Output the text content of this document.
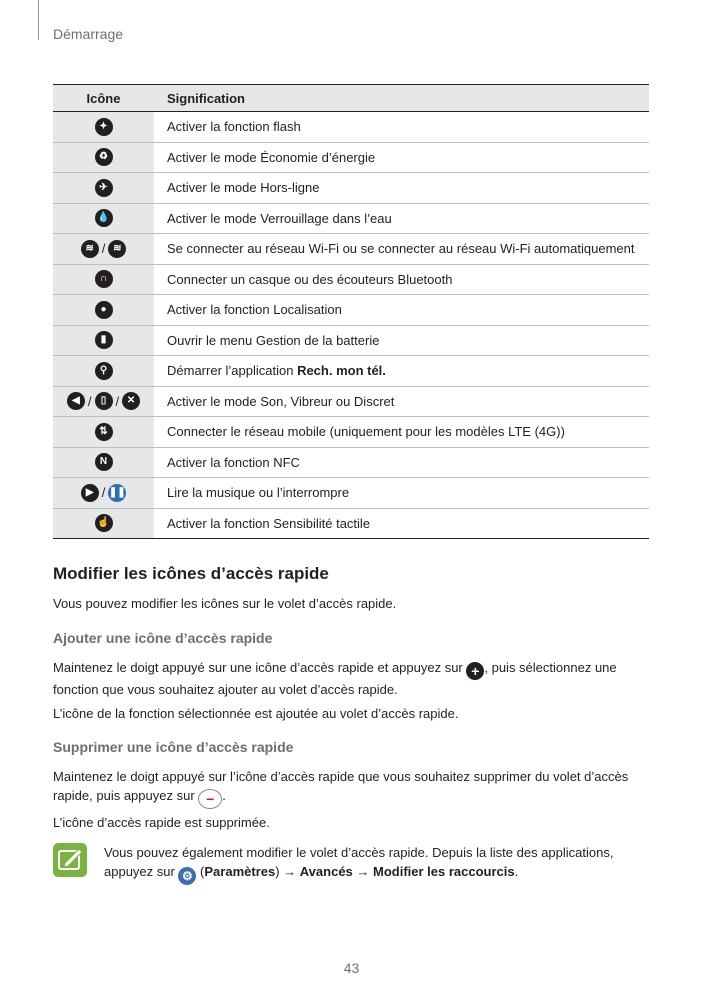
Démarrage
Icône	Signification
✦	Activer la fonction flash
♻	Activer le mode Économie d’énergie
✈	Activer le mode Hors-ligne
💧	Activer le mode Verrouillage dans l’eau
≋ / ≋	Se connecter au réseau Wi-Fi ou se connecter au réseau Wi-Fi automatiquement
∩	Connecter un casque ou des écouteurs Bluetooth
●	Activer la fonction Localisation
▮	Ouvrir le menu Gestion de la batterie
⚲	Démarrer l’application Rech. mon tél.
◀ / ▯ / ✕	Activer le mode Son, Vibreur ou Discret
⇅	Connecter le réseau mobile (uniquement pour les modèles LTE (4G))
N	Activer la fonction NFC
▶ / ❚❚	Lire la musique ou l’interrompre
☝	Activer la fonction Sensibilité tactile
Modifier les icônes d’accès rapide

Vous pouvez modifier les icônes sur le volet d’accès rapide.

Ajouter une icône d’accès rapide

Maintenez le doigt appuyé sur une icône d’accès rapide et appuyez sur + , puis sélectionnez une fonction que vous souhaitez ajouter au volet d’accès rapide.

L’icône de la fonction sélectionnée est ajoutée au volet d’accès rapide.

Supprimer une icône d’accès rapide

Maintenez le doigt appuyé sur l’icône d’accès rapide que vous souhaitez supprimer du volet d’accès rapide, puis appuyez sur − .

L’icône d’accès rapide est supprimée.

Vous pouvez également modifier le volet d’accès rapide. Depuis la liste des applications, appuyez sur ⚙ (Paramètres) → Avancés → Modifier les raccourcis.

43
